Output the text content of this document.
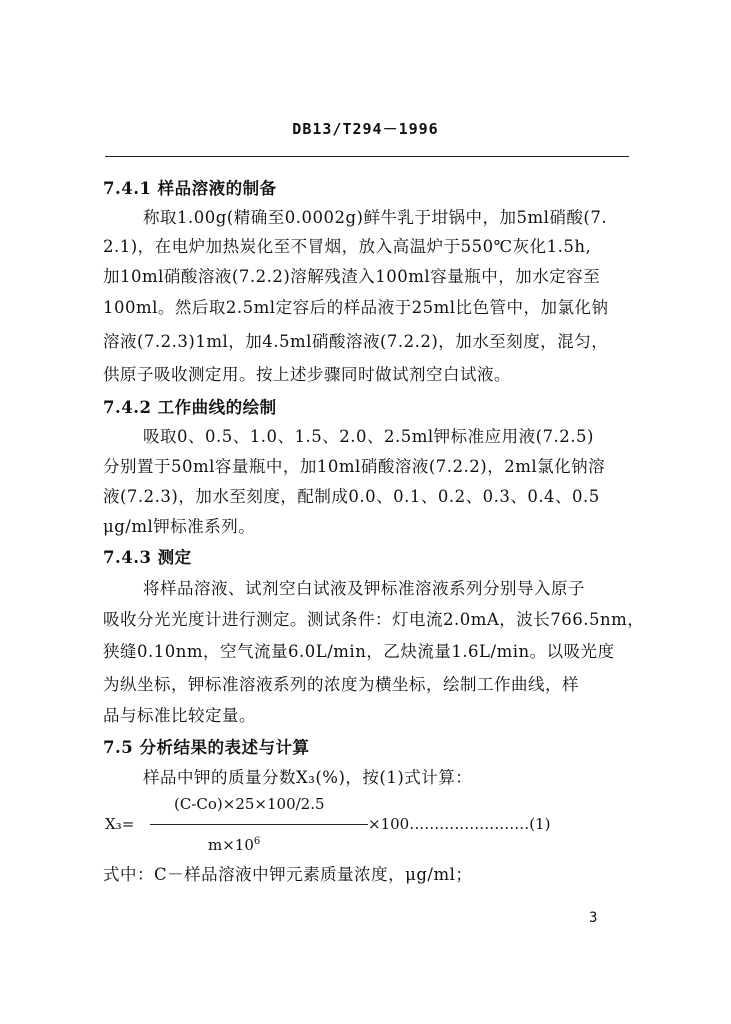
DB13/T294－1996
7.4.1 样品溶液的制备
称取1.00g(精确至0.0002g)鲜牛乳于坩锅中，加5ml硝酸(7.
2.1)，在电炉加热炭化至不冒烟，放入高温炉于550℃灰化1.5h,
加10ml硝酸溶液(7.2.2)溶解残渣入100ml容量瓶中，加水定容至
100ml。然后取2.5ml定容后的样品液于25ml比色管中，加氯化钠
溶液(7.2.3)1ml，加4.5ml硝酸溶液(7.2.2)，加水至刻度，混匀，
供原子吸收测定用。按上述步骤同时做试剂空白试液。
7.4.2 工作曲线的绘制
吸取0、0.5、1.0、1.5、2.0、2.5ml钾标准应用液(7.2.5)
分别置于50ml容量瓶中，加10ml硝酸溶液(7.2.2)，2ml氯化钠溶
液(7.2.3)，加水至刻度，配制成0.0、0.1、0.2、0.3、0.4、0.5
μg/ml钾标准系列。
7.4.3 测定
将样品溶液、试剂空白试液及钾标准溶液系列分别导入原子
吸收分光光度计进行测定。测试条件：灯电流2.0mA，波长766.5nm，
狭缝0.10nm，空气流量6.0L/min，乙炔流量1.6L/min。以吸光度
为纵坐标，钾标准溶液系列的浓度为横坐标，绘制工作曲线，样
品与标准比较定量。
7.5 分析结果的表述与计算
样品中钾的质量分数X₃(%)，按(1)式计算：
(C-Co)×25×100/2.5
X₃=	×100……………………(1)
$m\times 10^6$
式中：C－样品溶液中钾元素质量浓度，μg/ml；
3
